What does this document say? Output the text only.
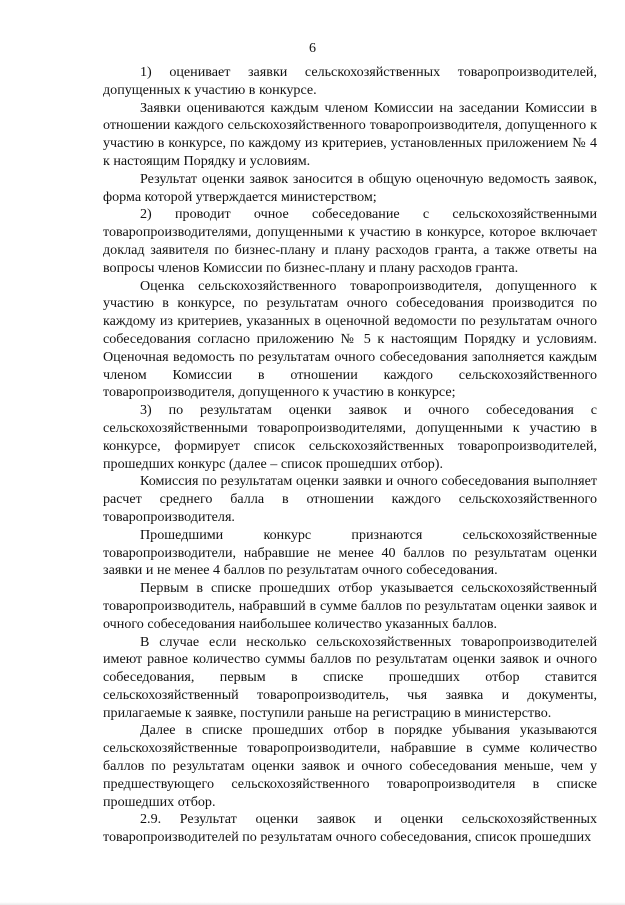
6

1) оценивает заявки сельскохозяйственных товаропроизводителей, допущенных к участию в конкурсе.

Заявки оцениваются каждым членом Комиссии на заседании Комиссии в отношении каждого сельскохозяйственного товаропроизводителя, допущенного к участию в конкурсе, по каждому из критериев, установленных приложением № 4 к настоящим Порядку и условиям.

Результат оценки заявок заносится в общую оценочную ведомость заявок, форма которой утверждается министерством;

2) проводит очное собеседование с сельскохозяйственными товаропроизводителями, допущенными к участию в конкурсе, которое включает доклад заявителя по бизнес-плану и плану расходов гранта, а также ответы на вопросы членов Комиссии по бизнес-плану и плану расходов гранта.

Оценка сельскохозяйственного товаропроизводителя, допущенного к участию в конкурсе, по результатам очного собеседования производится по каждому из критериев, указанных в оценочной ведомости по результатам очного собеседования согласно приложению № 5 к настоящим Порядку и условиям. Оценочная ведомость по результатам очного собеседования заполняется каждым членом Комиссии в отношении каждого сельскохозяйственного товаропроизводителя, допущенного к участию в конкурсе;

3) по результатам оценки заявок и очного собеседования с сельскохозяйственными товаропроизводителями, допущенными к участию в конкурсе, формирует список сельскохозяйственных товаропроизводителей, прошедших конкурс (далее – список прошедших отбор).

Комиссия по результатам оценки заявки и очного собеседования выполняет расчет среднего балла в отношении каждого сельскохозяйственного товаропроизводителя.

Прошедшими конкурс признаются сельскохозяйственные товаропроизводители, набравшие не менее 40 баллов по результатам оценки заявки и не менее 4 баллов по результатам очного собеседования.

Первым в списке прошедших отбор указывается сельскохозяйственный товаропроизводитель, набравший в сумме баллов по результатам оценки заявок и очного собеседования наибольшее количество указанных баллов.

В случае если несколько сельскохозяйственных товаропроизводителей имеют равное количество суммы баллов по результатам оценки заявок и очного собеседования, первым в списке прошедших отбор ставится сельскохозяйственный товаропроизводитель, чья заявка и документы, прилагаемые к заявке, поступили раньше на регистрацию в министерство.

Далее в списке прошедших отбор в порядке убывания указываются сельскохозяйственные товаропроизводители, набравшие в сумме количество баллов по результатам оценки заявок и очного собеседования меньше, чем у предшествующего сельскохозяйственного товаропроизводителя в списке прошедших отбор.

2.9. Результат оценки заявок и оценки сельскохозяйственных товаропроизводителей по результатам очного собеседования, список прошедших
